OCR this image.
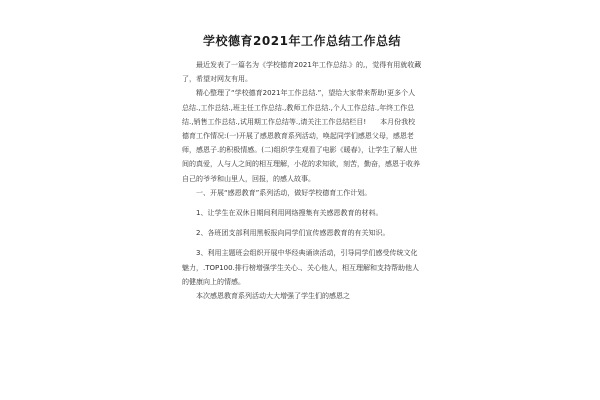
学校德育2021年工作总结工作总结

最近发表了一篇名为《学校德育2021年工作总结.》的,，觉得有用就收藏了，希望对网友有用。

精心整理了“学校德育2021年工作总结.”，望给大家带来帮助!更多个人总结.,工作总结.,班主任工作总结.,教师工作总结.,个人工作总结.,年终工作总结.,销售工作总结.,试用期工作总结等.,请关注工作总结栏目!　　本月份我校德育工作情况:(一)开展了感恩教育系列活动，唤起同学们感恩父母，感恩老师，感恩子.的积极情感。(二)组织学生观看了电影《暖春》，让学生了解人世间的真爱，人与人之间的相互理解，小花的求知欲，刻苦，勤奋，感恩于收养自己的爷爷和山里人，回报，的感人故事。

一、开展“感恩教育”系列活动，做好学校德育工作计划。

1、让学生在双休日期间利用网络搜集有关感恩教育的材料。

2、各班团支部利用黑板报向同学们宣传感恩教育的有关知识。

3、利用主题班会组织开展中华经典诵读活动，引导同学们感受传统文化魅力，.TOP100.排行榜增强学生关心.、关心他人，相互理解和支持帮助他人的健康向上的情感。

本次感恩教育系列活动大大增强了学生们的感恩之
